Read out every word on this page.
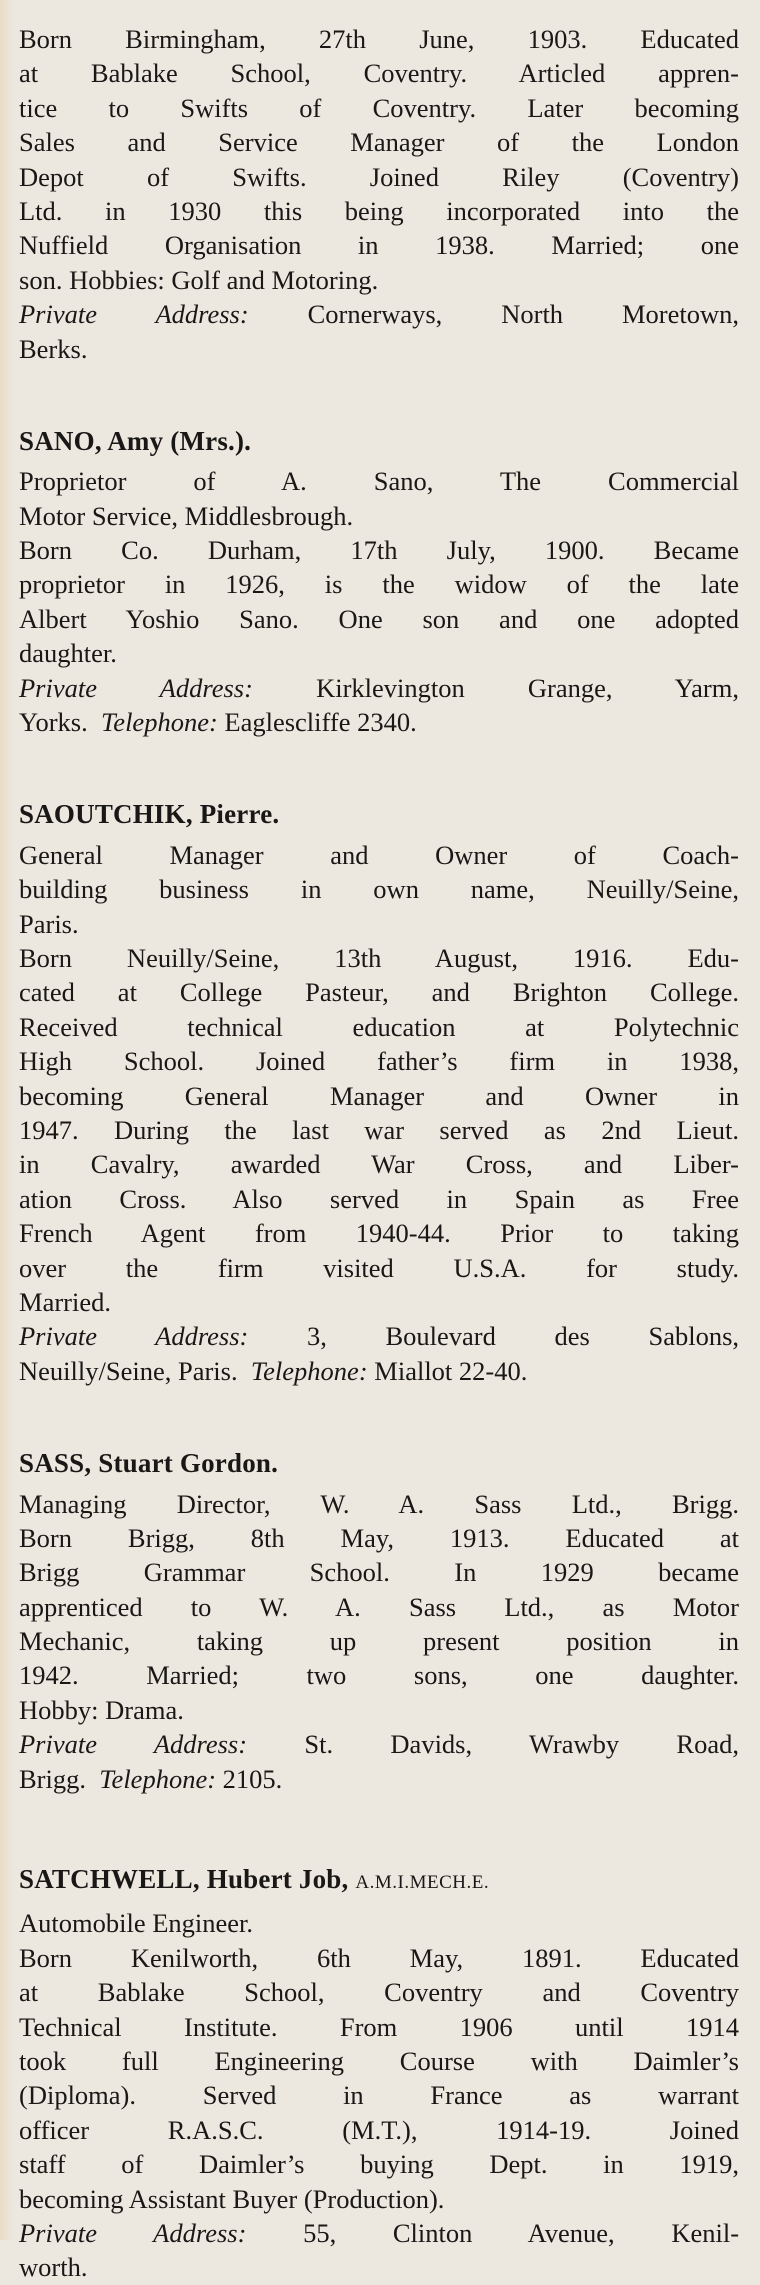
Born Birmingham, 27th June, 1903. Educated
at Bablake School, Coventry. Articled appren-
tice to Swifts of Coventry. Later becoming
Sales and Service Manager of the London
Depot of Swifts. Joined Riley (Coventry)
Ltd. in 1930 this being incorporated into the
Nuffield Organisation in 1938. Married; one
son. Hobbies: Golf and Motoring.
Private Address: Cornerways, North Moretown,
Berks.
SANO, Amy (Mrs.).
Proprietor of A. Sano, The Commercial
Motor Service, Middlesbrough.
Born Co. Durham, 17th July, 1900. Became
proprietor in 1926, is the widow of the late
Albert Yoshio Sano. One son and one adopted
daughter.
Private Address: Kirklevington Grange, Yarm,
Yorks. Telephone: Eaglescliffe 2340.
SAOUTCHIK, Pierre.
General Manager and Owner of Coach-
building business in own name, Neuilly/Seine,
Paris.
Born Neuilly/Seine, 13th August, 1916. Edu-
cated at College Pasteur, and Brighton College.
Received technical education at Polytechnic
High School. Joined father’s firm in 1938,
becoming General Manager and Owner in
1947. During the last war served as 2nd Lieut.
in Cavalry, awarded War Cross, and Liber-
ation Cross. Also served in Spain as Free
French Agent from 1940-44. Prior to taking
over the firm visited U.S.A. for study.
Married.
Private Address: 3, Boulevard des Sablons,
Neuilly/Seine, Paris. Telephone: Miallot 22-40.
SASS, Stuart Gordon.
Managing Director, W. A. Sass Ltd., Brigg.
Born Brigg, 8th May, 1913. Educated at
Brigg Grammar School. In 1929 became
apprenticed to W. A. Sass Ltd., as Motor
Mechanic, taking up present position in
1942. Married; two sons, one daughter.
Hobby: Drama.
Private Address: St. Davids, Wrawby Road,
Brigg. Telephone: 2105.
SATCHWELL, Hubert Job, A.M.I.MECH.E.
Automobile Engineer.
Born Kenilworth, 6th May, 1891. Educated
at Bablake School, Coventry and Coventry
Technical Institute. From 1906 until 1914
took full Engineering Course with Daimler’s
(Diploma). Served in France as warrant
officer R.A.S.C. (M.T.), 1914-19. Joined
staff of Daimler’s buying Dept. in 1919,
becoming Assistant Buyer (Production).
Private Address: 55, Clinton Avenue, Kenil-
worth.
